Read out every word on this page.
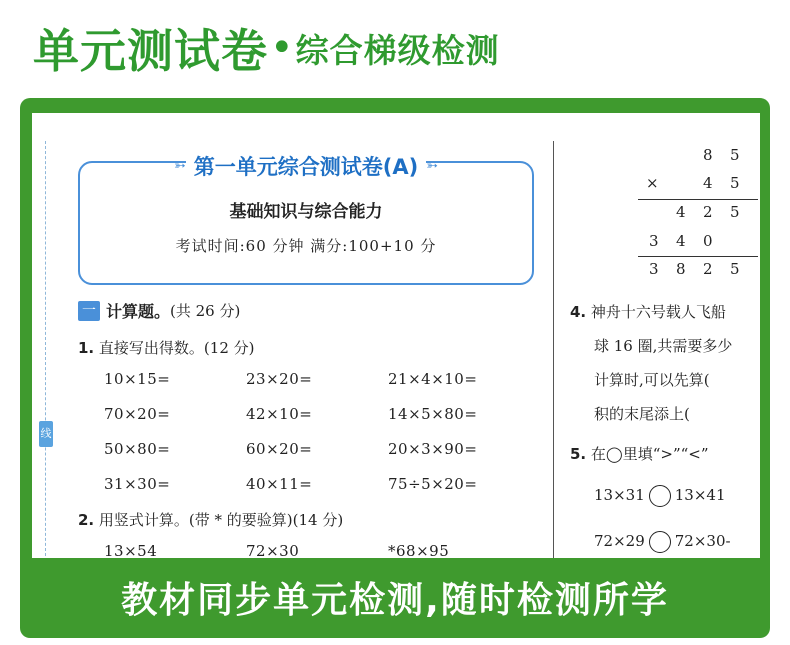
单元测试卷 • 综合梯级检测
线
➳ 第一单元综合测试卷(A) ➳
基础知识与综合能力
考试时间:60 分钟 满分:100+10 分
一 计算题。 (共 26 分)
1. 直接写出得数。(12 分)
10×15=	23×20=	21×4×10=
70×20=	42×10=	14×5×80=
50×80=	60×20=	20×3×90=
31×30=	40×11=	75÷5×20=
2. 用竖式计算。(带 * 的要验算)(14 分)
13×54	72×30	*68×95
8 5
×	4 5
4 2 5
3 4 0
3 8 2 5
4. 神舟十六号载人飞船
球 16 圈,共需要多少
计算时,可以先算(
积的末尾添上(
5. 在◯里填“>”“<”
13×31 13×41
72×29 72×30-
教材同步单元检测,随时检测所学
